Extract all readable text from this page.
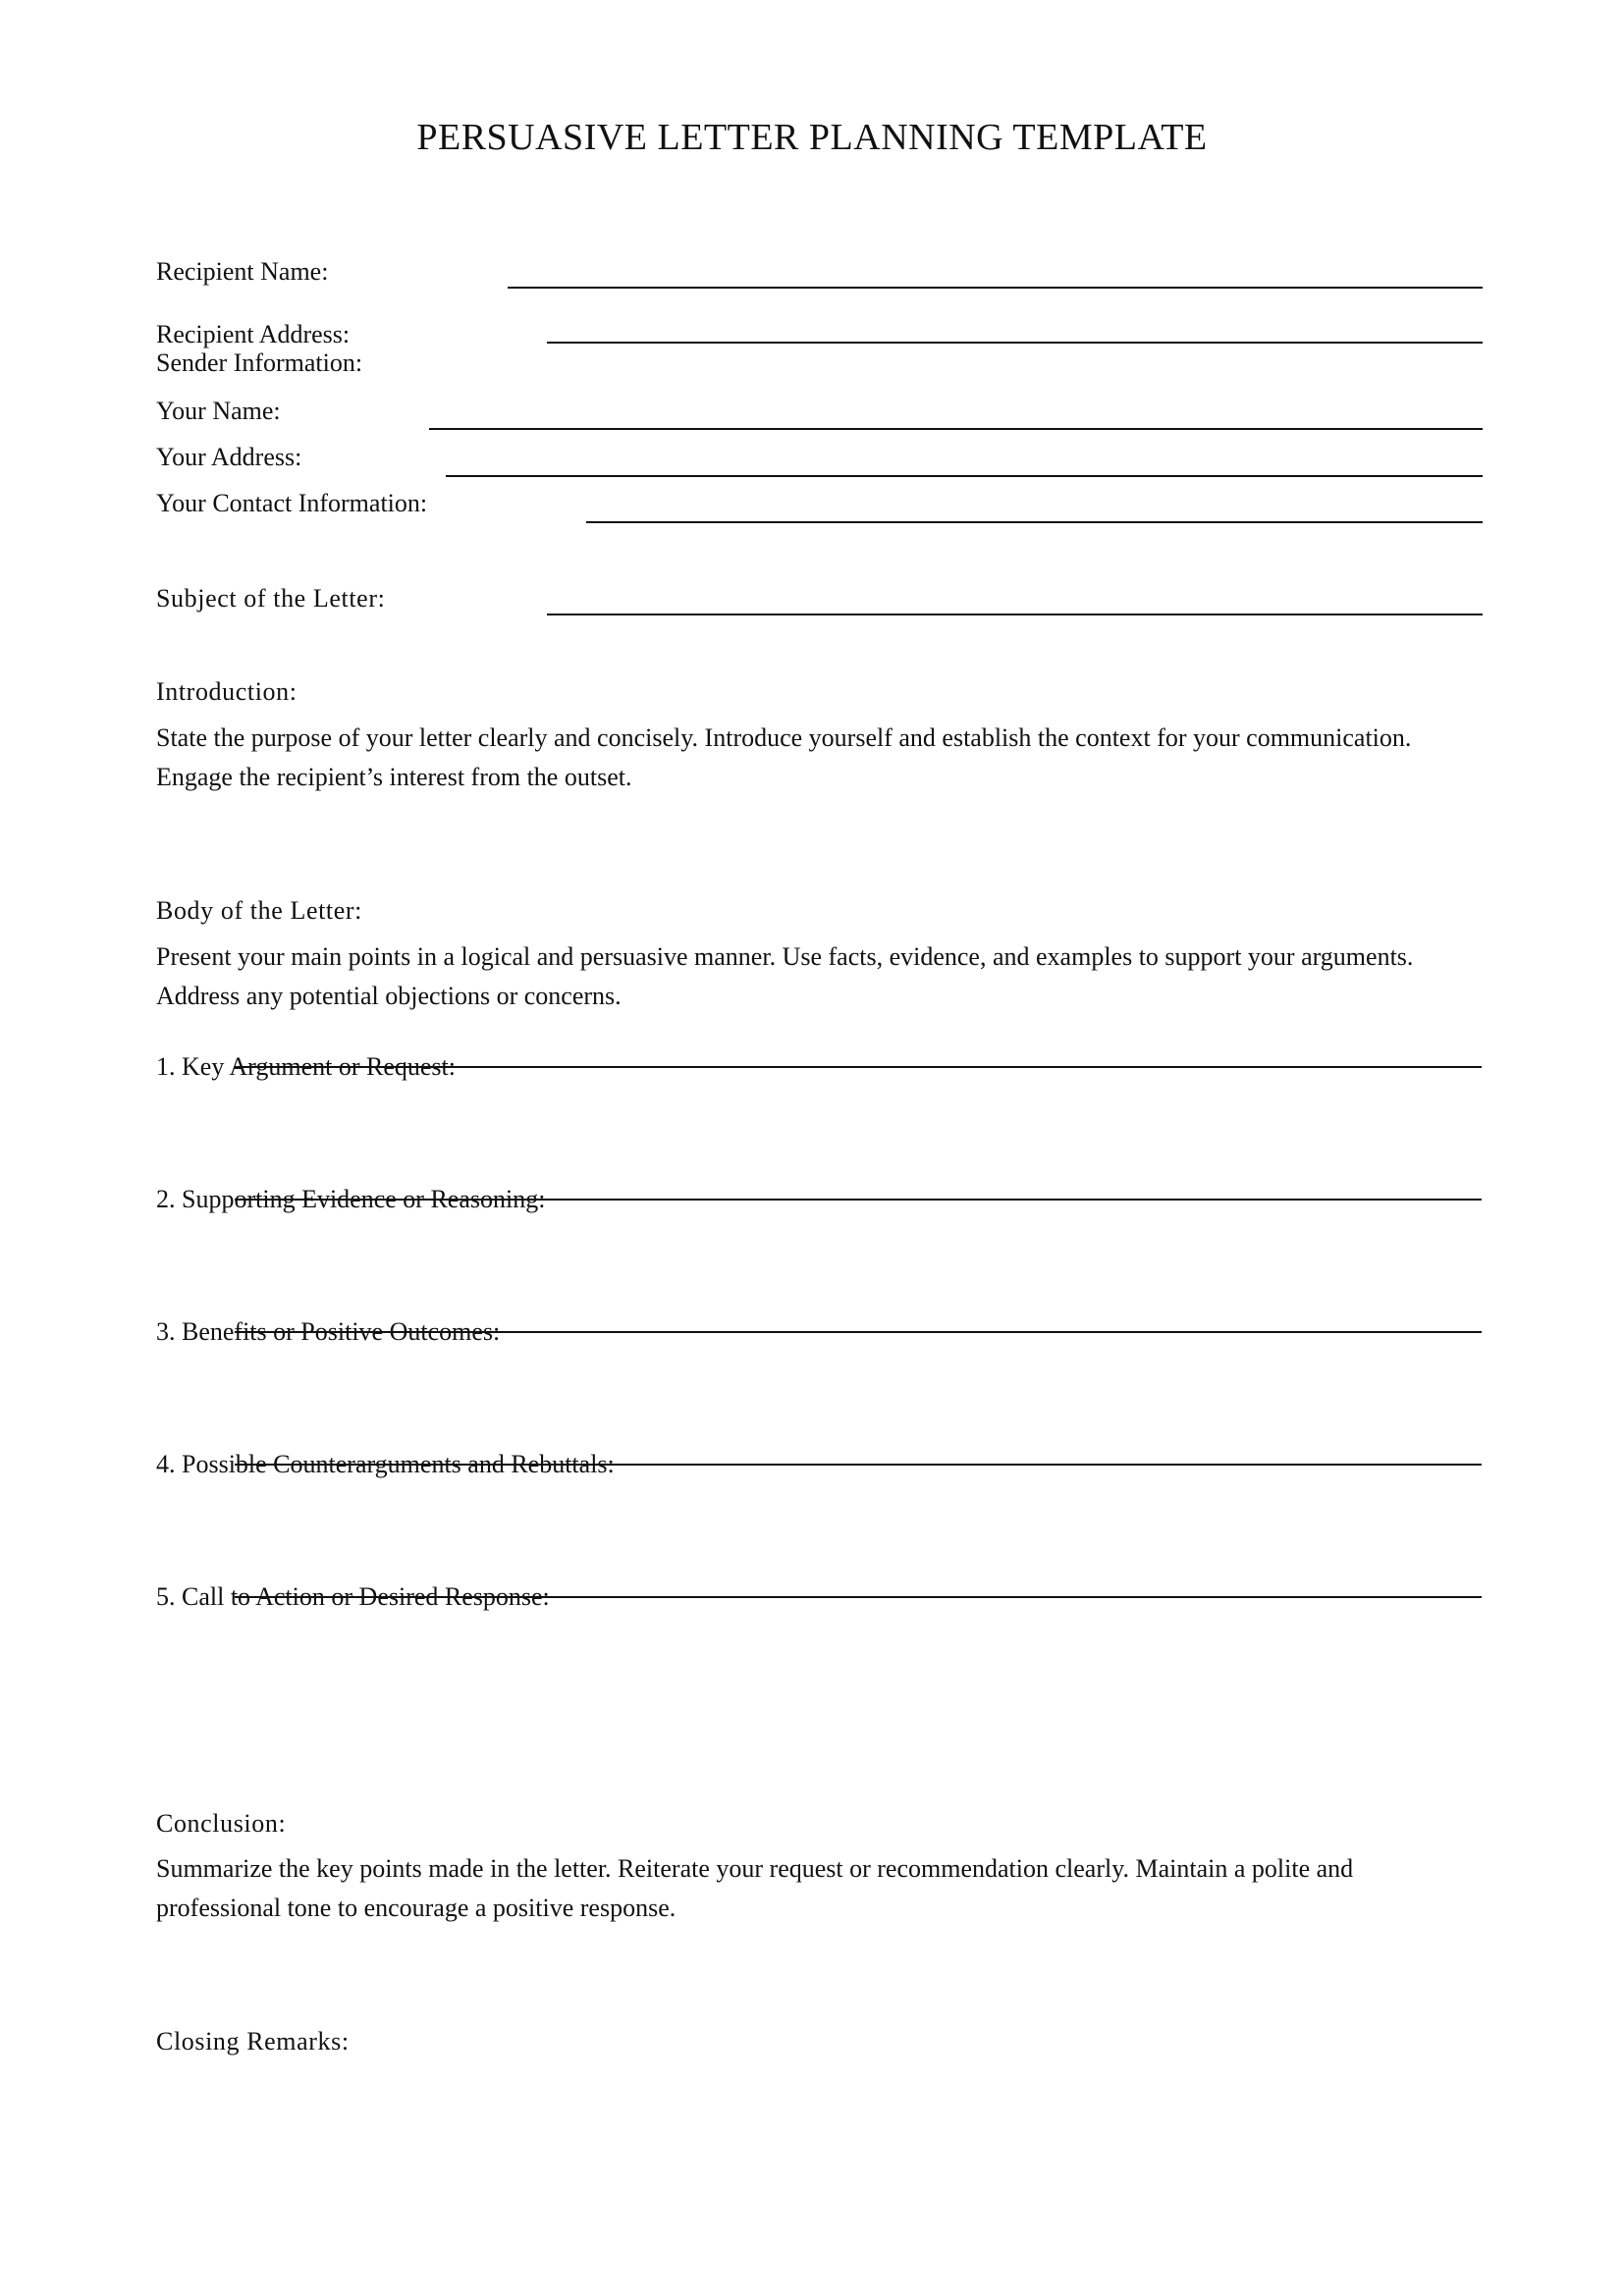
PERSUASIVE LETTER PLANNING TEMPLATE
Recipient Name:
Recipient Address:
Sender Information:
Your Name:
Your Address:
Your Contact Information:
Subject of the Letter:
Introduction:
State the purpose of your letter clearly and concisely. Introduce yourself and establish the context for your communication. Engage the recipient’s interest from the outset.
Body of the Letter:
Present your main points in a logical and persuasive manner. Use facts, evidence, and examples to support your arguments. Address any potential objections or concerns.
1. Key Argument or Request:
2. Supporting Evidence or Reasoning:
3. Benefits or Positive Outcomes:
4. Possible Counterarguments and Rebuttals:
5. Call to Action or Desired Response:
Conclusion:
Summarize the key points made in the letter. Reiterate your request or recommendation clearly. Maintain a polite and professional tone to encourage a positive response.
Closing Remarks:
